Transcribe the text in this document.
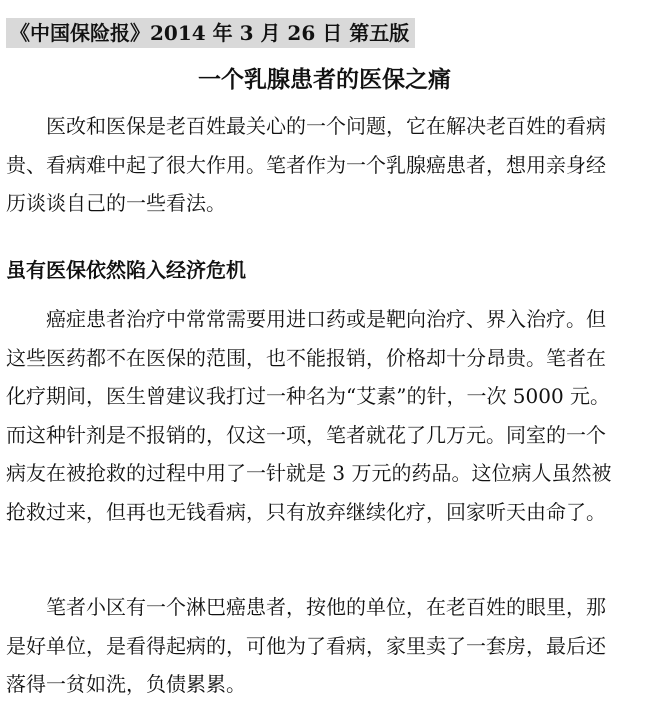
《中国保险报》2014 年 3 月 26 日 第五版
一个乳腺患者的医保之痛
医改和医保是老百姓最关心的一个问题，它在解决老百姓的看病
贵、看病难中起了很大作用。笔者作为一个乳腺癌患者，想用亲身经
历谈谈自己的一些看法。
虽有医保依然陷入经济危机
癌症患者治疗中常常需要用进口药或是靶向治疗、界入治疗。但
这些医药都不在医保的范围，也不能报销，价格却十分昂贵。笔者在
化疗期间，医生曾建议我打过一种名为“艾素”的针，一次 5000 元。
而这种针剂是不报销的，仅这一项，笔者就花了几万元。同室的一个
病友在被抢救的过程中用了一针就是 3 万元的药品。这位病人虽然被
抢救过来，但再也无钱看病，只有放弃继续化疗，回家听天由命了。
笔者小区有一个淋巴癌患者，按他的单位，在老百姓的眼里，那
是好单位，是看得起病的，可他为了看病，家里卖了一套房，最后还
落得一贫如洗，负债累累。
